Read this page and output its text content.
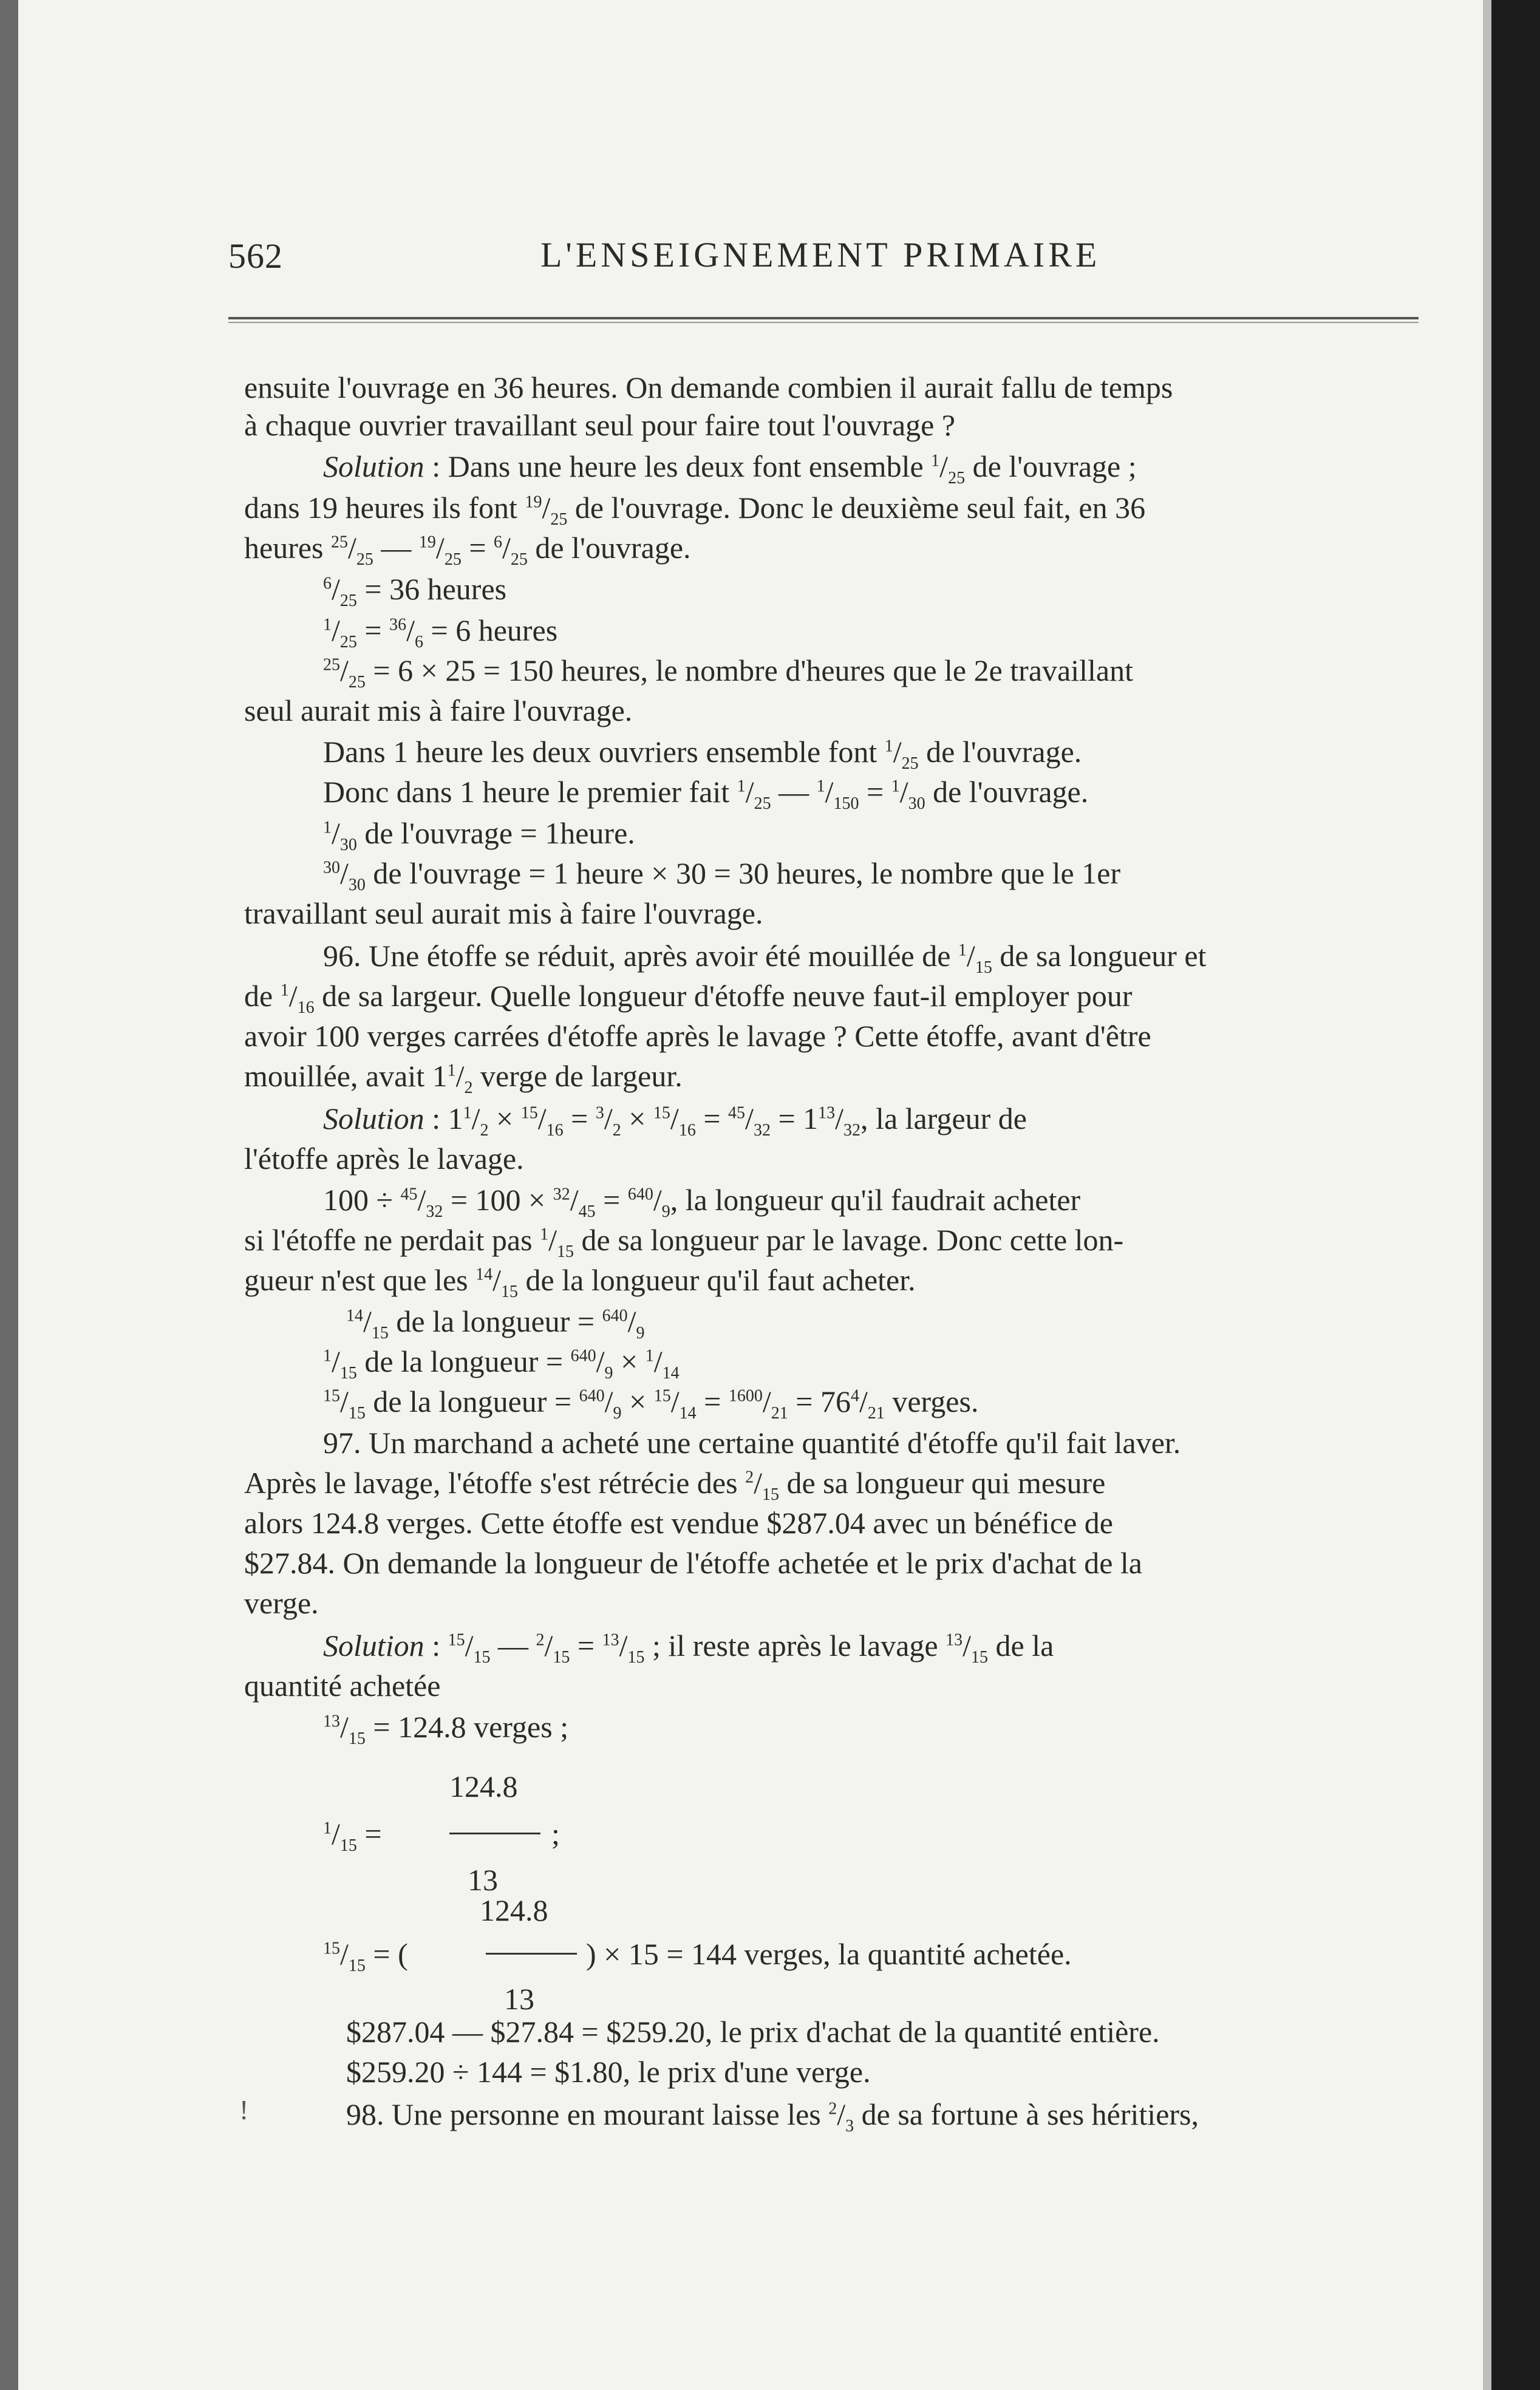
562	L'ENSEIGNEMENT PRIMAIRE
ensuite l'ouvrage en 36 heures. On demande combien il aurait fallu de temps
à chaque ouvrier travaillant seul pour faire tout l'ouvrage ?
Solution : Dans une heure les deux font ensemble $^1/_{25}$ de l'ouvrage ;
dans 19 heures ils font $^{19}/_{25}$ de l'ouvrage. Donc le deuxième seul fait, en 36
heures $^{25}/_{25}$ — $^{19}/_{25} = ^6/_{25}$ de l'ouvrage.
$^6/_{25} = 36$ heures
$^1/_{25} = ^{36}/_6 = 6$ heures
$^{25}/_{25} = 6 \times 25 = 150$ heures, le nombre d'heures que le 2e travaillant
seul aurait mis à faire l'ouvrage.
Dans 1 heure les deux ouvriers ensemble font $^1/_{25}$ de l'ouvrage.
Donc dans 1 heure le premier fait $^1/_{25}$ — $^1/_{150} = ^1/_{30}$ de l'ouvrage.
$^1/_{30}$ de l'ouvrage = 1heure.
$^{30}/_{30}$ de l'ouvrage = 1 heure × 30 = 30 heures, le nombre que le 1er
travaillant seul aurait mis à faire l'ouvrage.
96. Une étoffe se réduit, après avoir été mouillée de $^1/_{15}$ de sa longueur et
de $^1/_{16}$ de sa largeur. Quelle longueur d'étoffe neuve faut-il employer pour
avoir 100 verges carrées d'étoffe après le lavage ? Cette étoffe, avant d'être
mouillée, avait $1^1/_2$ verge de largeur.
Solution : $1^1/_2 \times ^{15}/_{16} = ^3/_2 \times ^{15}/_{16} = ^{45}/_{32} = 1^{13}/_{32}$, la largeur de
l'étoffe après le lavage.
$100 \div ^{45}/_{32} = 100 \times ^{32}/_{45} = ^{640}/_9$, la longueur qu'il faudrait acheter
si l'étoffe ne perdait pas $^1/_{15}$ de sa longueur par le lavage. Donc cette lon-
gueur n'est que les $^{14}/_{15}$ de la longueur qu'il faut acheter.
$^{14}/_{15}$ de la longueur = $^{640}/_9$
$^1/_{15}$ de la longueur = $^{640}/_9 \times ^1/_{14}$
$^{15}/_{15}$ de la longueur = $^{640}/_9 \times ^{15}/_{14} = ^{1600}/_{21} = 76^4/_{21}$ verges.
97. Un marchand a acheté une certaine quantité d'étoffe qu'il fait laver.
Après le lavage, l'étoffe s'est rétrécie des $^2/_{15}$ de sa longueur qui mesure
alors 124.8 verges. Cette étoffe est vendue $287.04 avec un bénéfice de
$27.84. On demande la longueur de l'étoffe achetée et le prix d'achat de la
verge.
Solution : $^{15}/_{15}$ — $^2/_{15} = ^{13}/_{15}$ ; il reste après le lavage $^{13}/_{15}$ de la
quantité achetée
$^{13}/_{15} = 124.8$ verges ;
$^1/_{15}$ =
$^{15}/_{15}$ = (	) × 15 = 144 verges, la quantité achetée.
$287.04 — $27.84 = $259.20, le prix d'achat de la quantité entière.
$259.20 ÷ 144 = $1.80, le prix d'une verge.
98. Une personne en mourant laisse les $^2/_3$ de sa fortune à ses héritiers,
124.8
;
13
124.8
13
!
